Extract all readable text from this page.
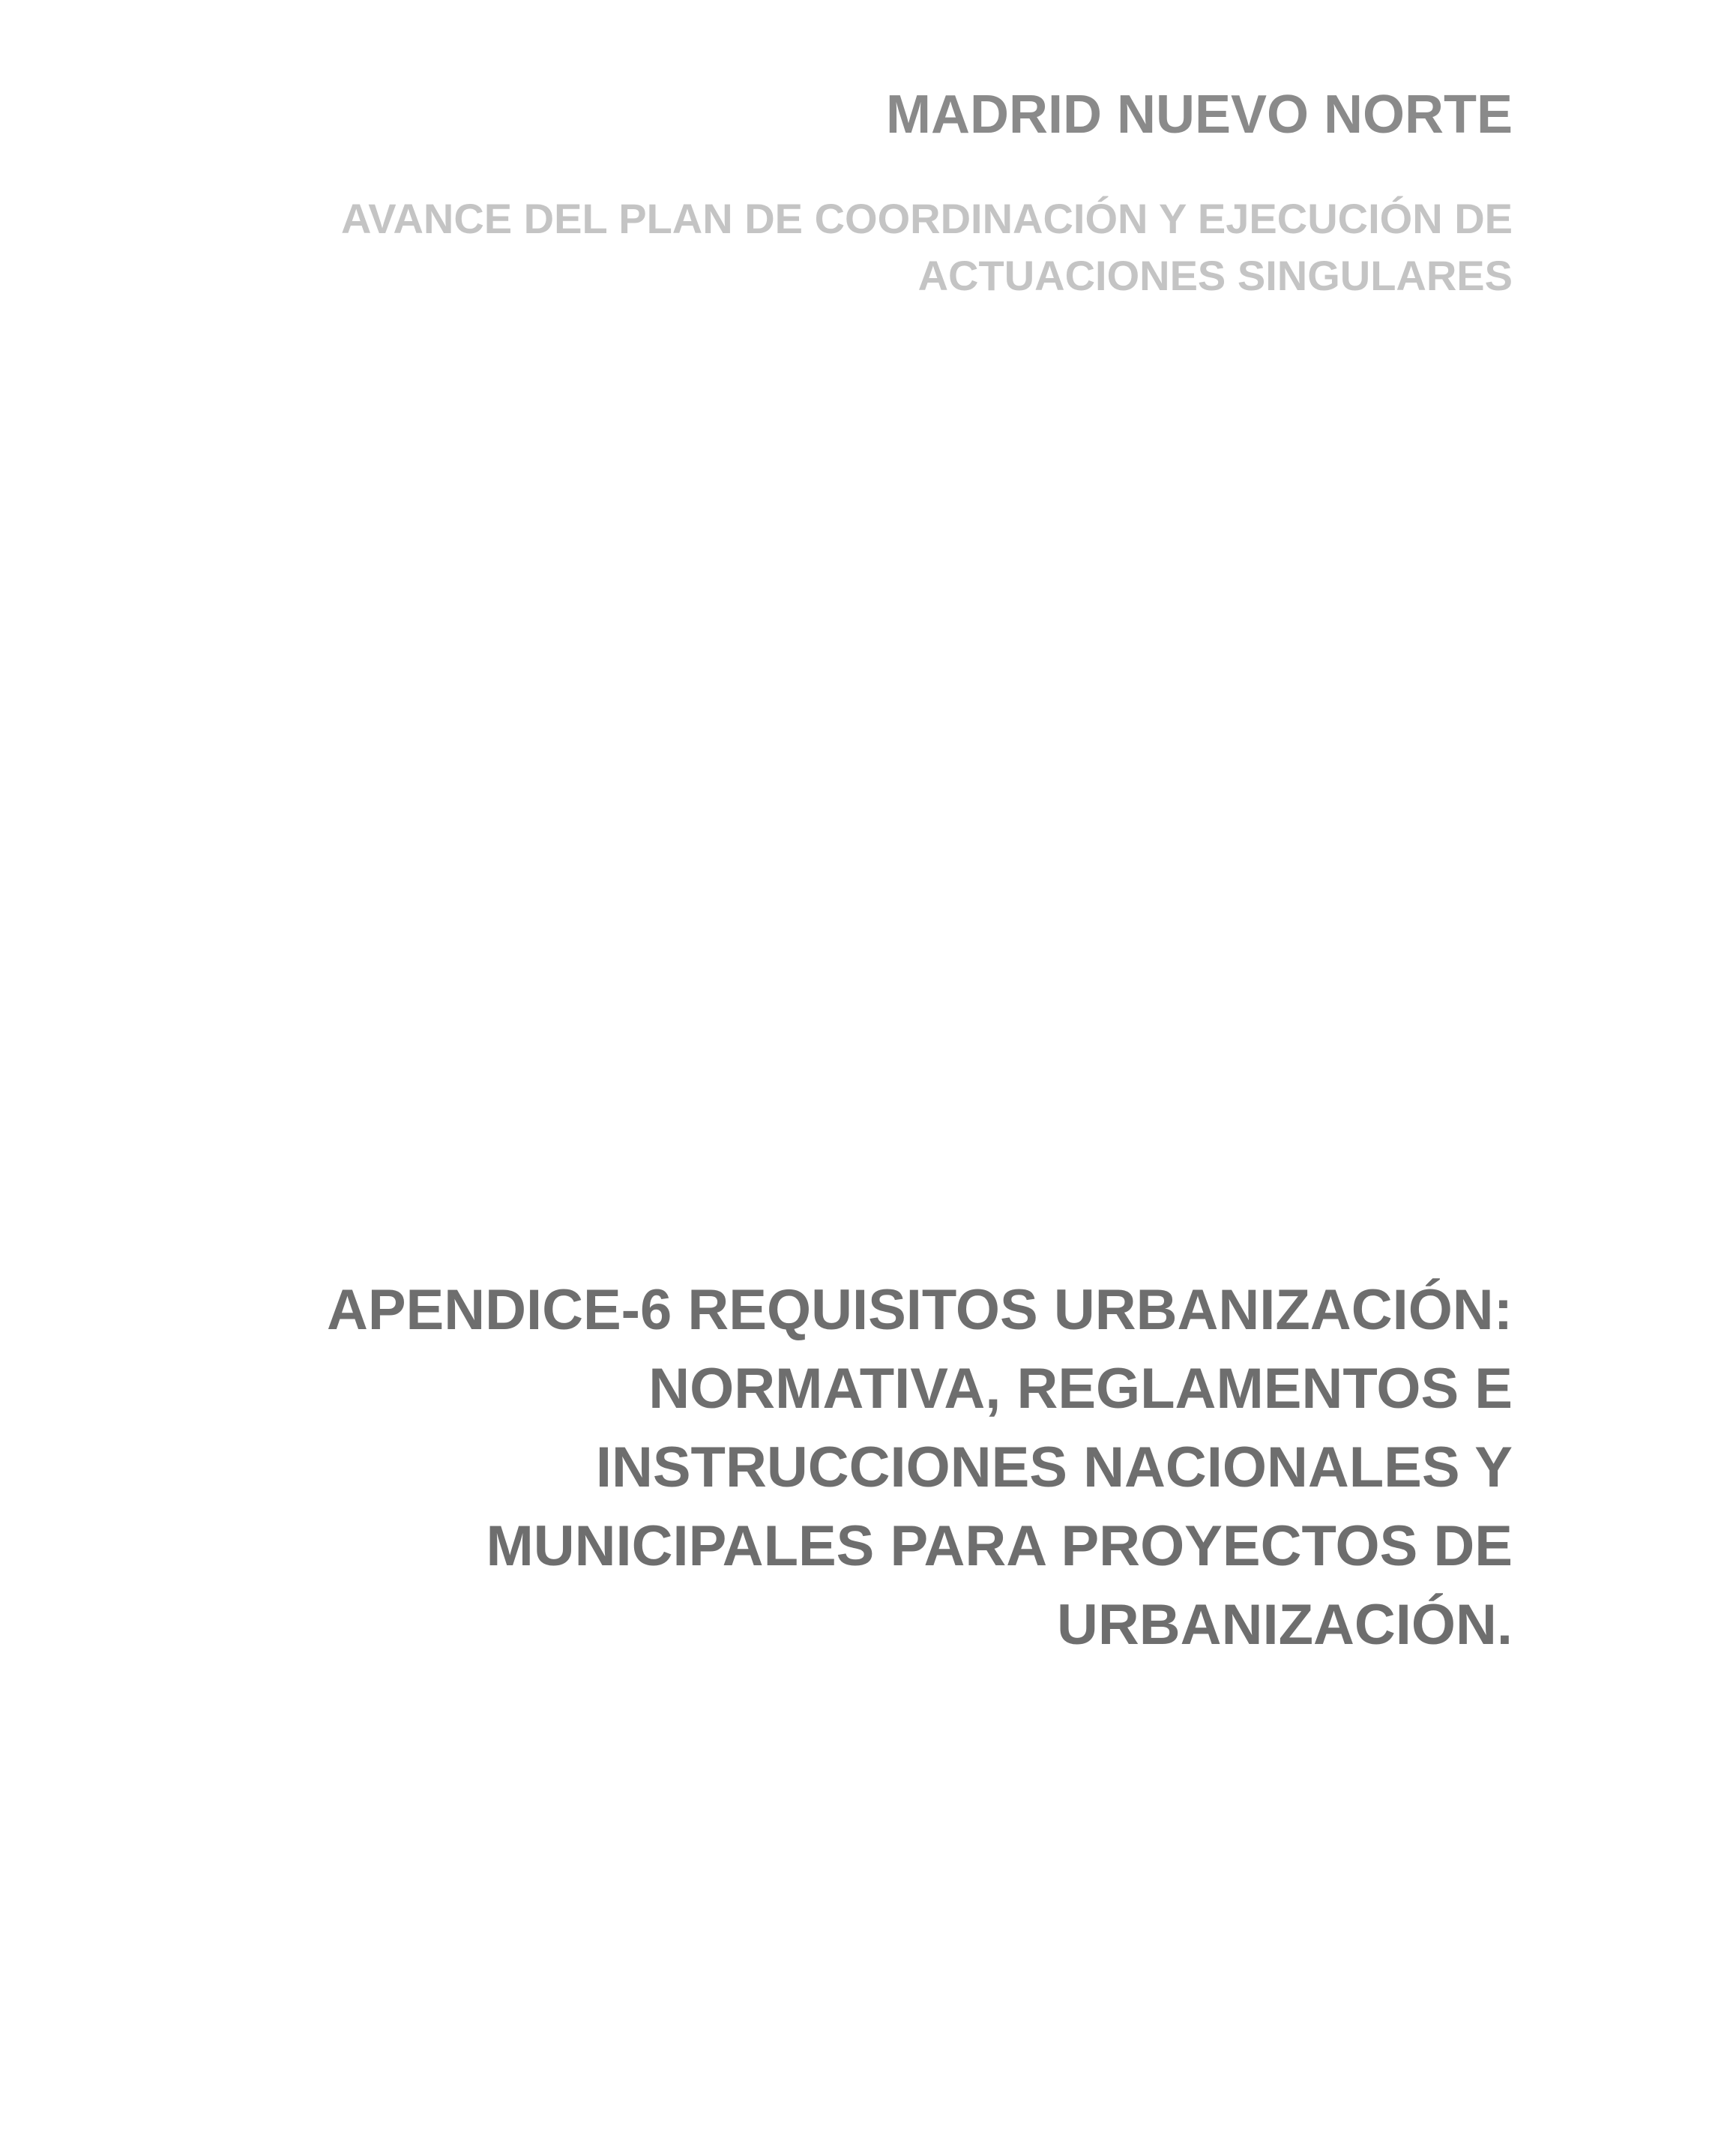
MADRID NUEVO NORTE

AVANCE DEL PLAN DE COORDINACIÓN Y EJECUCIÓN DE
ACTUACIONES SINGULARES

APENDICE-6 REQUISITOS URBANIZACIÓN:
NORMATIVA, REGLAMENTOS E
INSTRUCCIONES NACIONALES Y
MUNICIPALES PARA PROYECTOS DE
URBANIZACIÓN.
